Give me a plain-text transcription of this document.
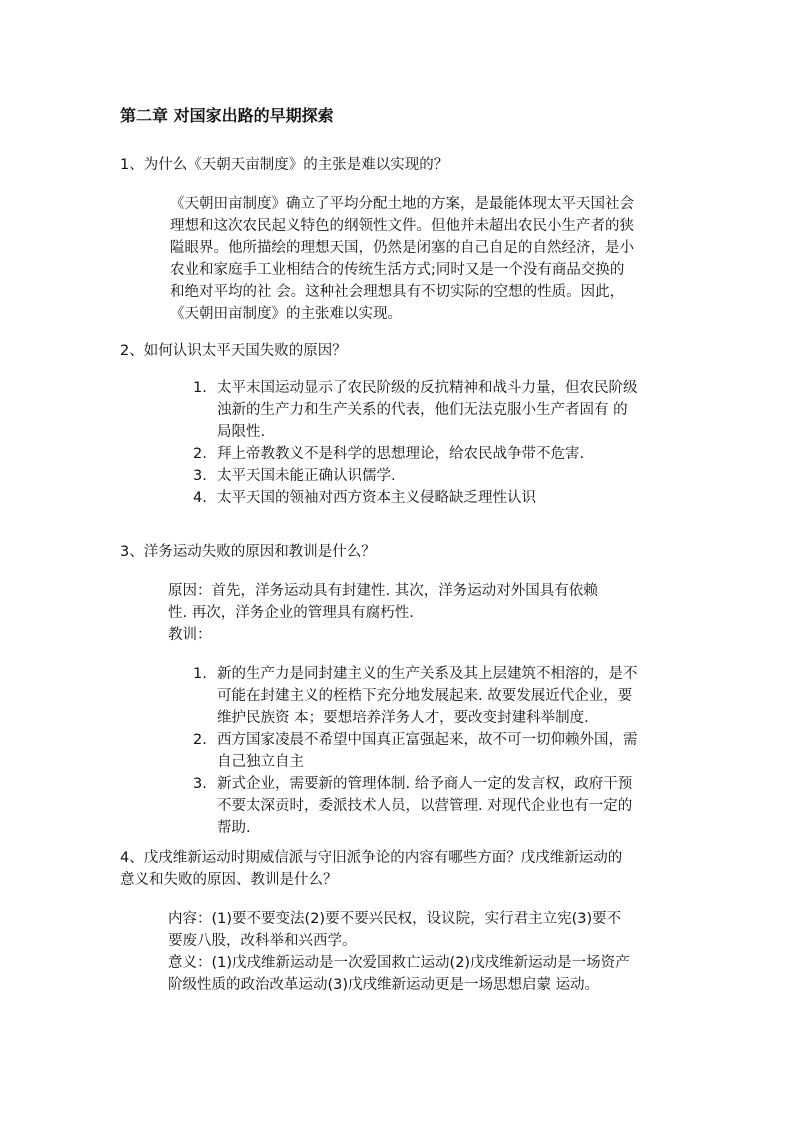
第二章 对国家出路的早期探索
1、为什么《天朝天亩制度》的主张是难以实现的？
《天朝田亩制度》确立了平均分配土地的方案，是最能体现太平天国社会
理想和这次农民起义特色的纲领性文件。但他并未超出农民小生产者的狭
隘眼界。他所描绘的理想天国，仍然是闭塞的自己自足的自然经济，是小
农业和家庭手工业相结合的传统生活方式;同时又是一个没有商品交换的
和绝对平均的社 会。这种社会理想具有不切实际的空想的性质。因此，
《天朝田亩制度》的主张难以实现。
2、如何认识太平天国失败的原因？
1. 太平末国运动显示了农民阶级的反抗精神和战斗力量，但农民阶级
浊新的生产力和生产关系的代表，他们无法克服小生产者固有 的
局限性.
2. 拜上帝教教义不是科学的思想理论，给农民战争带不危害.
3. 太平天国未能正确认识儒学.
4. 太平天国的领袖对西方资本主义侵略缺乏理性认识
3、洋务运动失败的原因和教训是什么？
原因：首先，洋务运动具有封建性. 其次，洋务运动对外国具有依赖
性. 再次，洋务企业的管理具有腐朽性.
教训：
1. 新的生产力是同封建主义的生产关系及其上层建筑不相溶的，是不
可能在封建主义的桎梏下充分地发展起来. 故要发展近代企业，要
维护民族资 本；要想培养洋务人才，要改变封建科举制度.
2. 西方国家凌晨不希望中国真正富强起来，故不可一切仰赖外国，需
自己独立自主
3. 新式企业，需要新的管理体制. 给予商人一定的发言权，政府干预
不要太深贡时，委派技术人员，以营管理. 对现代企业也有一定的
帮助.
4、戊戌维新运动时期威信派与守旧派争论的内容有哪些方面？戊戌维新运动的
意义和失败的原因、教训是什么？
内容：(1)要不要变法(2)要不要兴民权，设议院，实行君主立宪(3)要不
要废八股，改科举和兴西学。
意义：(1)戊戌维新运动是一次爱国救亡运动(2)戊戌维新运动是一场资产
阶级性质的政治改革运动(3)戊戌维新运动更是一场思想启蒙 运动。
